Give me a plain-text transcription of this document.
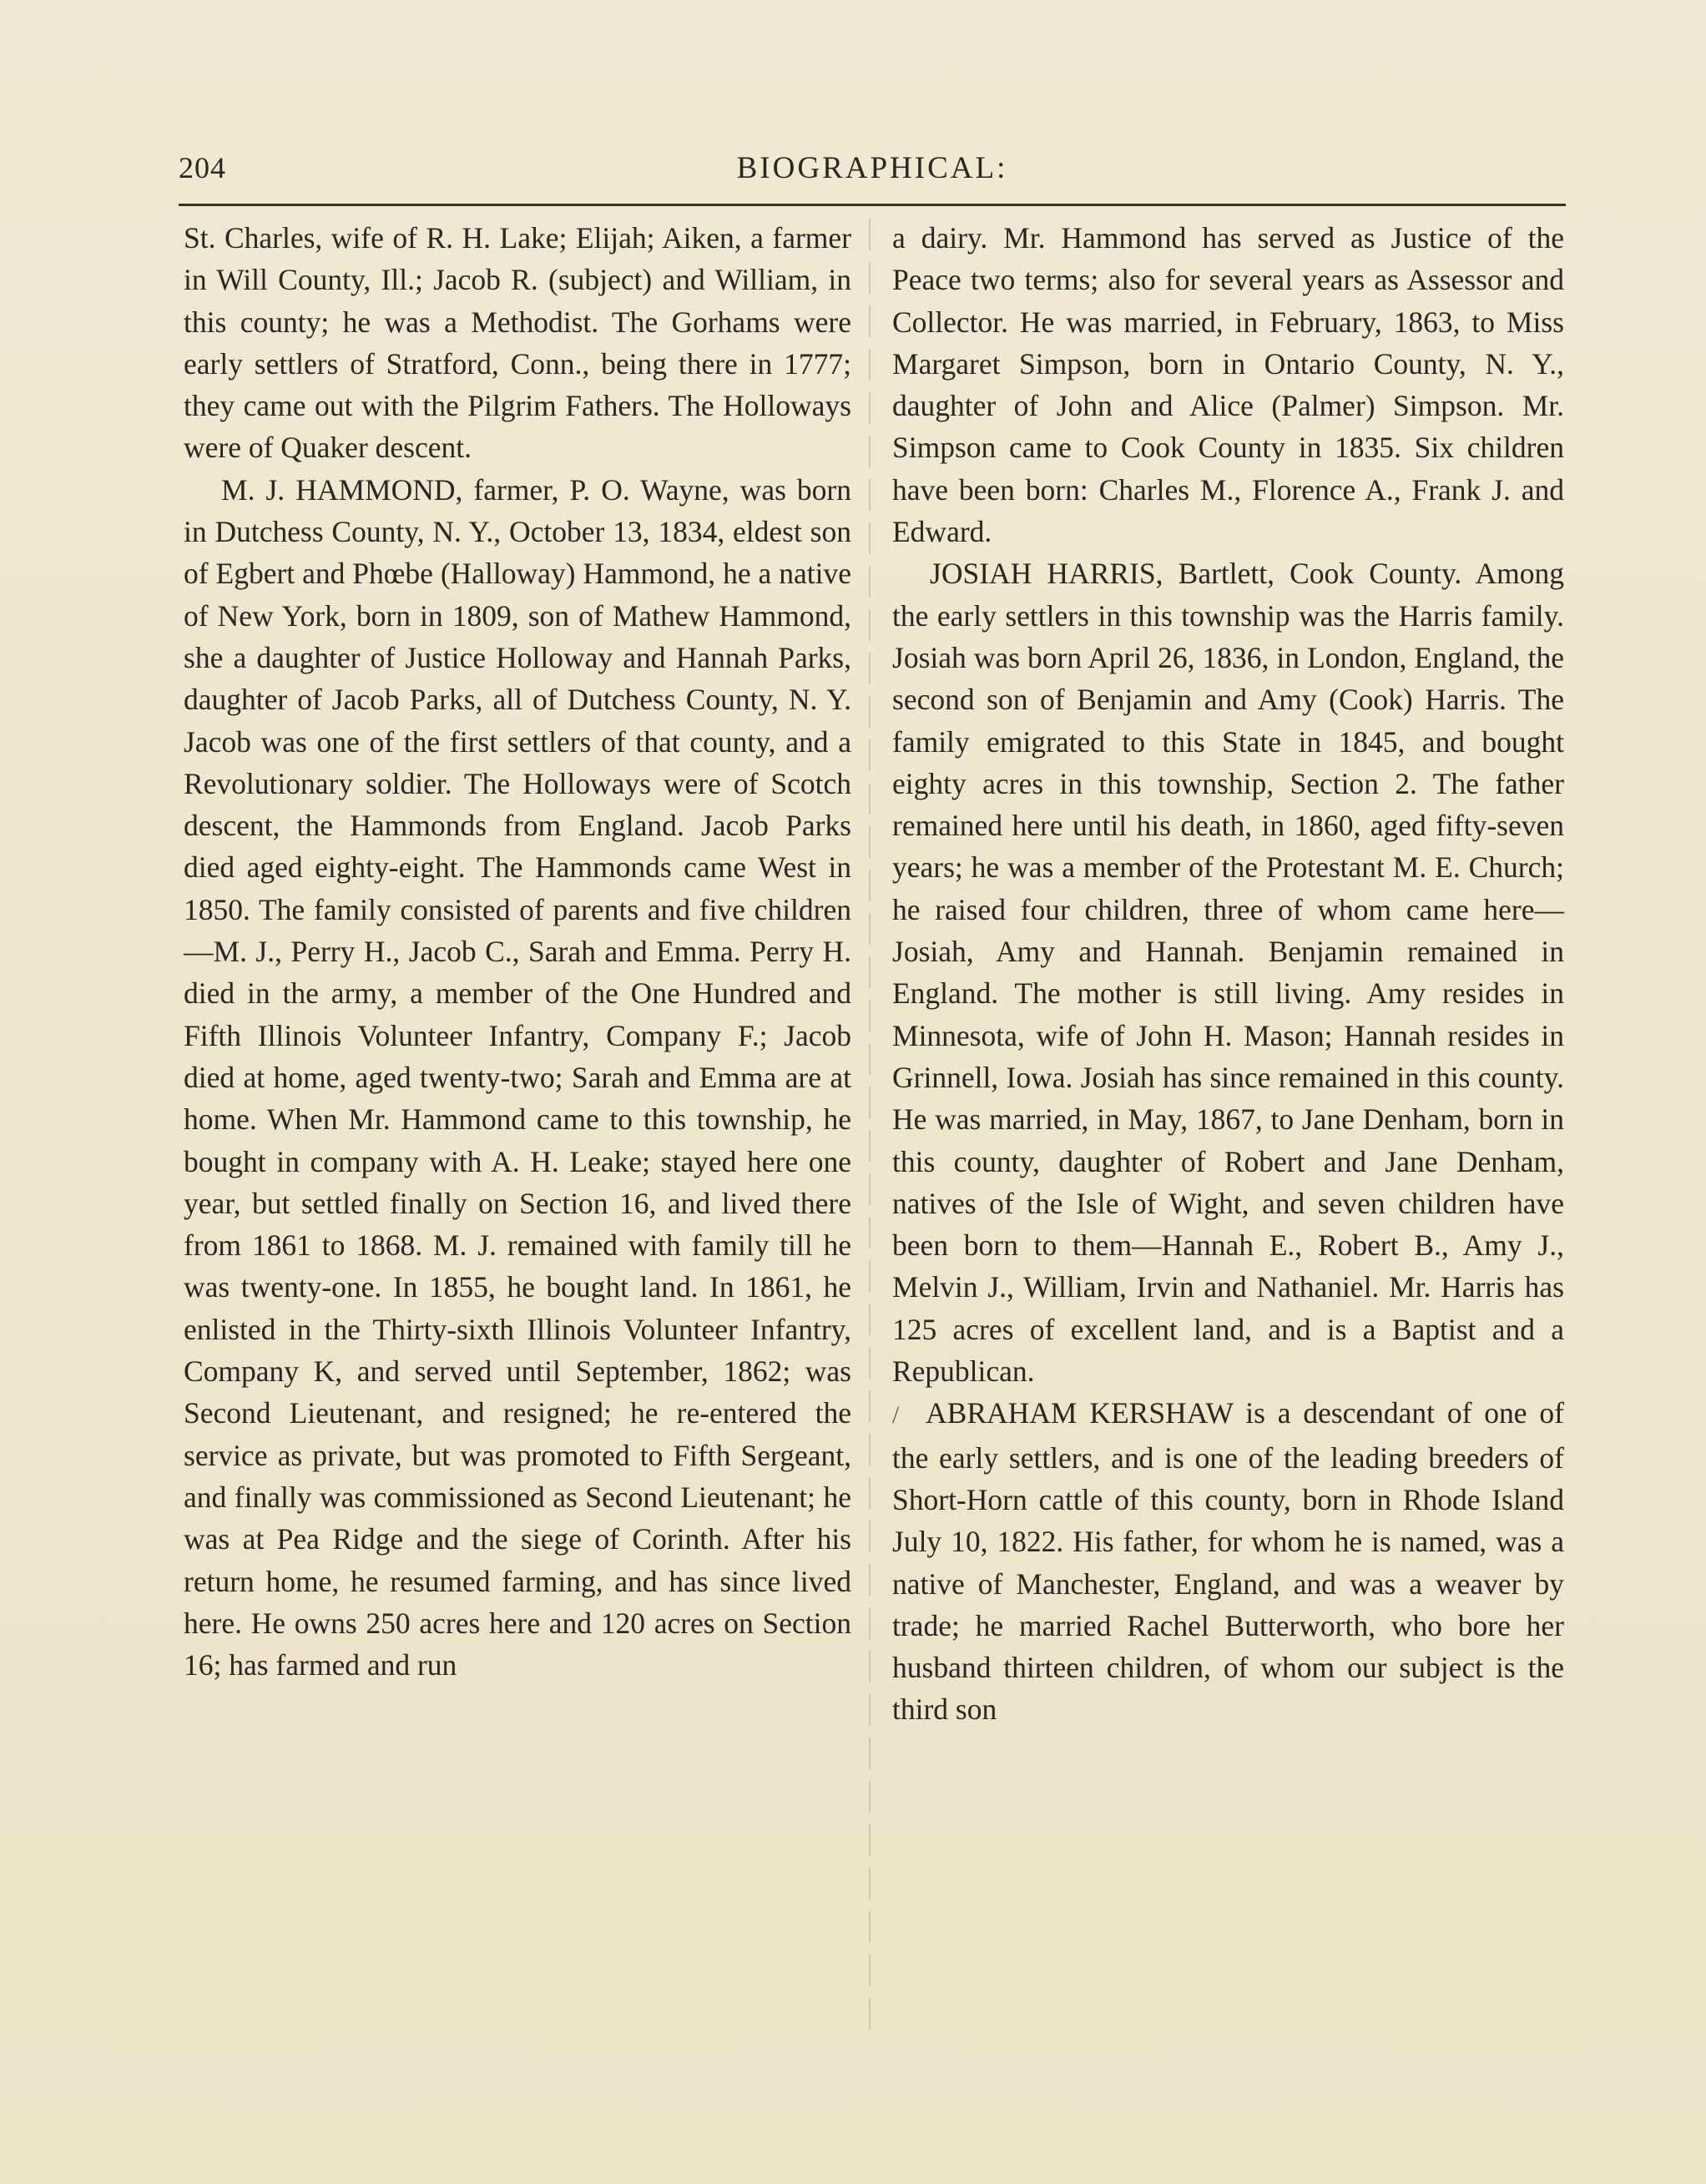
204	BIOGRAPHICAL:

St. Charles, wife of R. H. Lake; Elijah; Aiken, a farmer in Will County, Ill.; Jacob R. (subject) and William, in this county; he was a Methodist. The Gorhams were early settlers of Stratford, Conn., being there in 1777; they came out with the Pilgrim Fathers. The Holloways were of Quaker descent.

M. J. HAMMOND, farmer, P. O. Wayne, was born in Dutchess County, N. Y., October 13, 1834, eldest son of Egbert and Phœbe (Halloway) Hammond, he a native of New York, born in 1809, son of Mathew Hammond, she a daughter of Justice Holloway and Hannah Parks, daughter of Jacob Parks, all of Dutchess County, N. Y. Jacob was one of the first settlers of that county, and a Revolutionary soldier. The Holloways were of Scotch descent, the Hammonds from England. Jacob Parks died aged eighty-eight. The Hammonds came West in 1850. The family consisted of parents and five children —M. J., Perry H., Jacob C., Sarah and Emma. Perry H. died in the army, a member of the One Hundred and Fifth Illinois Volunteer Infantry, Company F.; Jacob died at home, aged twenty-two; Sarah and Emma are at home. When Mr. Hammond came to this township, he bought in company with A. H. Leake; stayed here one year, but settled finally on Section 16, and lived there from 1861 to 1868. M. J. remained with family till he was twenty-one. In 1855, he bought land. In 1861, he enlisted in the Thirty-sixth Illinois Volunteer Infantry, Company K, and served until September, 1862; was Second Lieutenant, and resigned; he re-entered the service as private, but was promoted to Fifth Sergeant, and finally was commissioned as Second Lieutenant; he was at Pea Ridge and the siege of Corinth. After his return home, he resumed farming, and has since lived here. He owns 250 acres here and 120 acres on Section 16; has farmed and run

a dairy. Mr. Hammond has served as Justice of the Peace two terms; also for several years as Assessor and Collector. He was married, in February, 1863, to Miss Margaret Simpson, born in Ontario County, N. Y., daughter of John and Alice (Palmer) Simpson. Mr. Simpson came to Cook County in 1835. Six children have been born: Charles M., Florence A., Frank J. and Edward.

JOSIAH HARRIS, Bartlett, Cook County. Among the early settlers in this township was the Harris family. Josiah was born April 26, 1836, in London, England, the second son of Benjamin and Amy (Cook) Harris. The family emigrated to this State in 1845, and bought eighty acres in this township, Section 2. The father remained here until his death, in 1860, aged fifty-seven years; he was a member of the Protestant M. E. Church; he raised four children, three of whom came here—Josiah, Amy and Hannah. Benjamin remained in England. The mother is still living. Amy resides in Minnesota, wife of John H. Mason; Hannah resides in Grinnell, Iowa. Josiah has since remained in this county. He was married, in May, 1867, to Jane Denham, born in this county, daughter of Robert and Jane Denham, natives of the Isle of Wight, and seven children have been born to them—Hannah E., Robert B., Amy J., Melvin J., William, Irvin and Nathaniel. Mr. Harris has 125 acres of excellent land, and is a Baptist and a Republican.

/ ABRAHAM KERSHAW is a descendant of one of the early settlers, and is one of the leading breeders of Short-Horn cattle of this county, born in Rhode Island July 10, 1822. His father, for whom he is named, was a native of Manchester, England, and was a weaver by trade; he married Rachel Butterworth, who bore her husband thirteen children, of whom our subject is the third son
